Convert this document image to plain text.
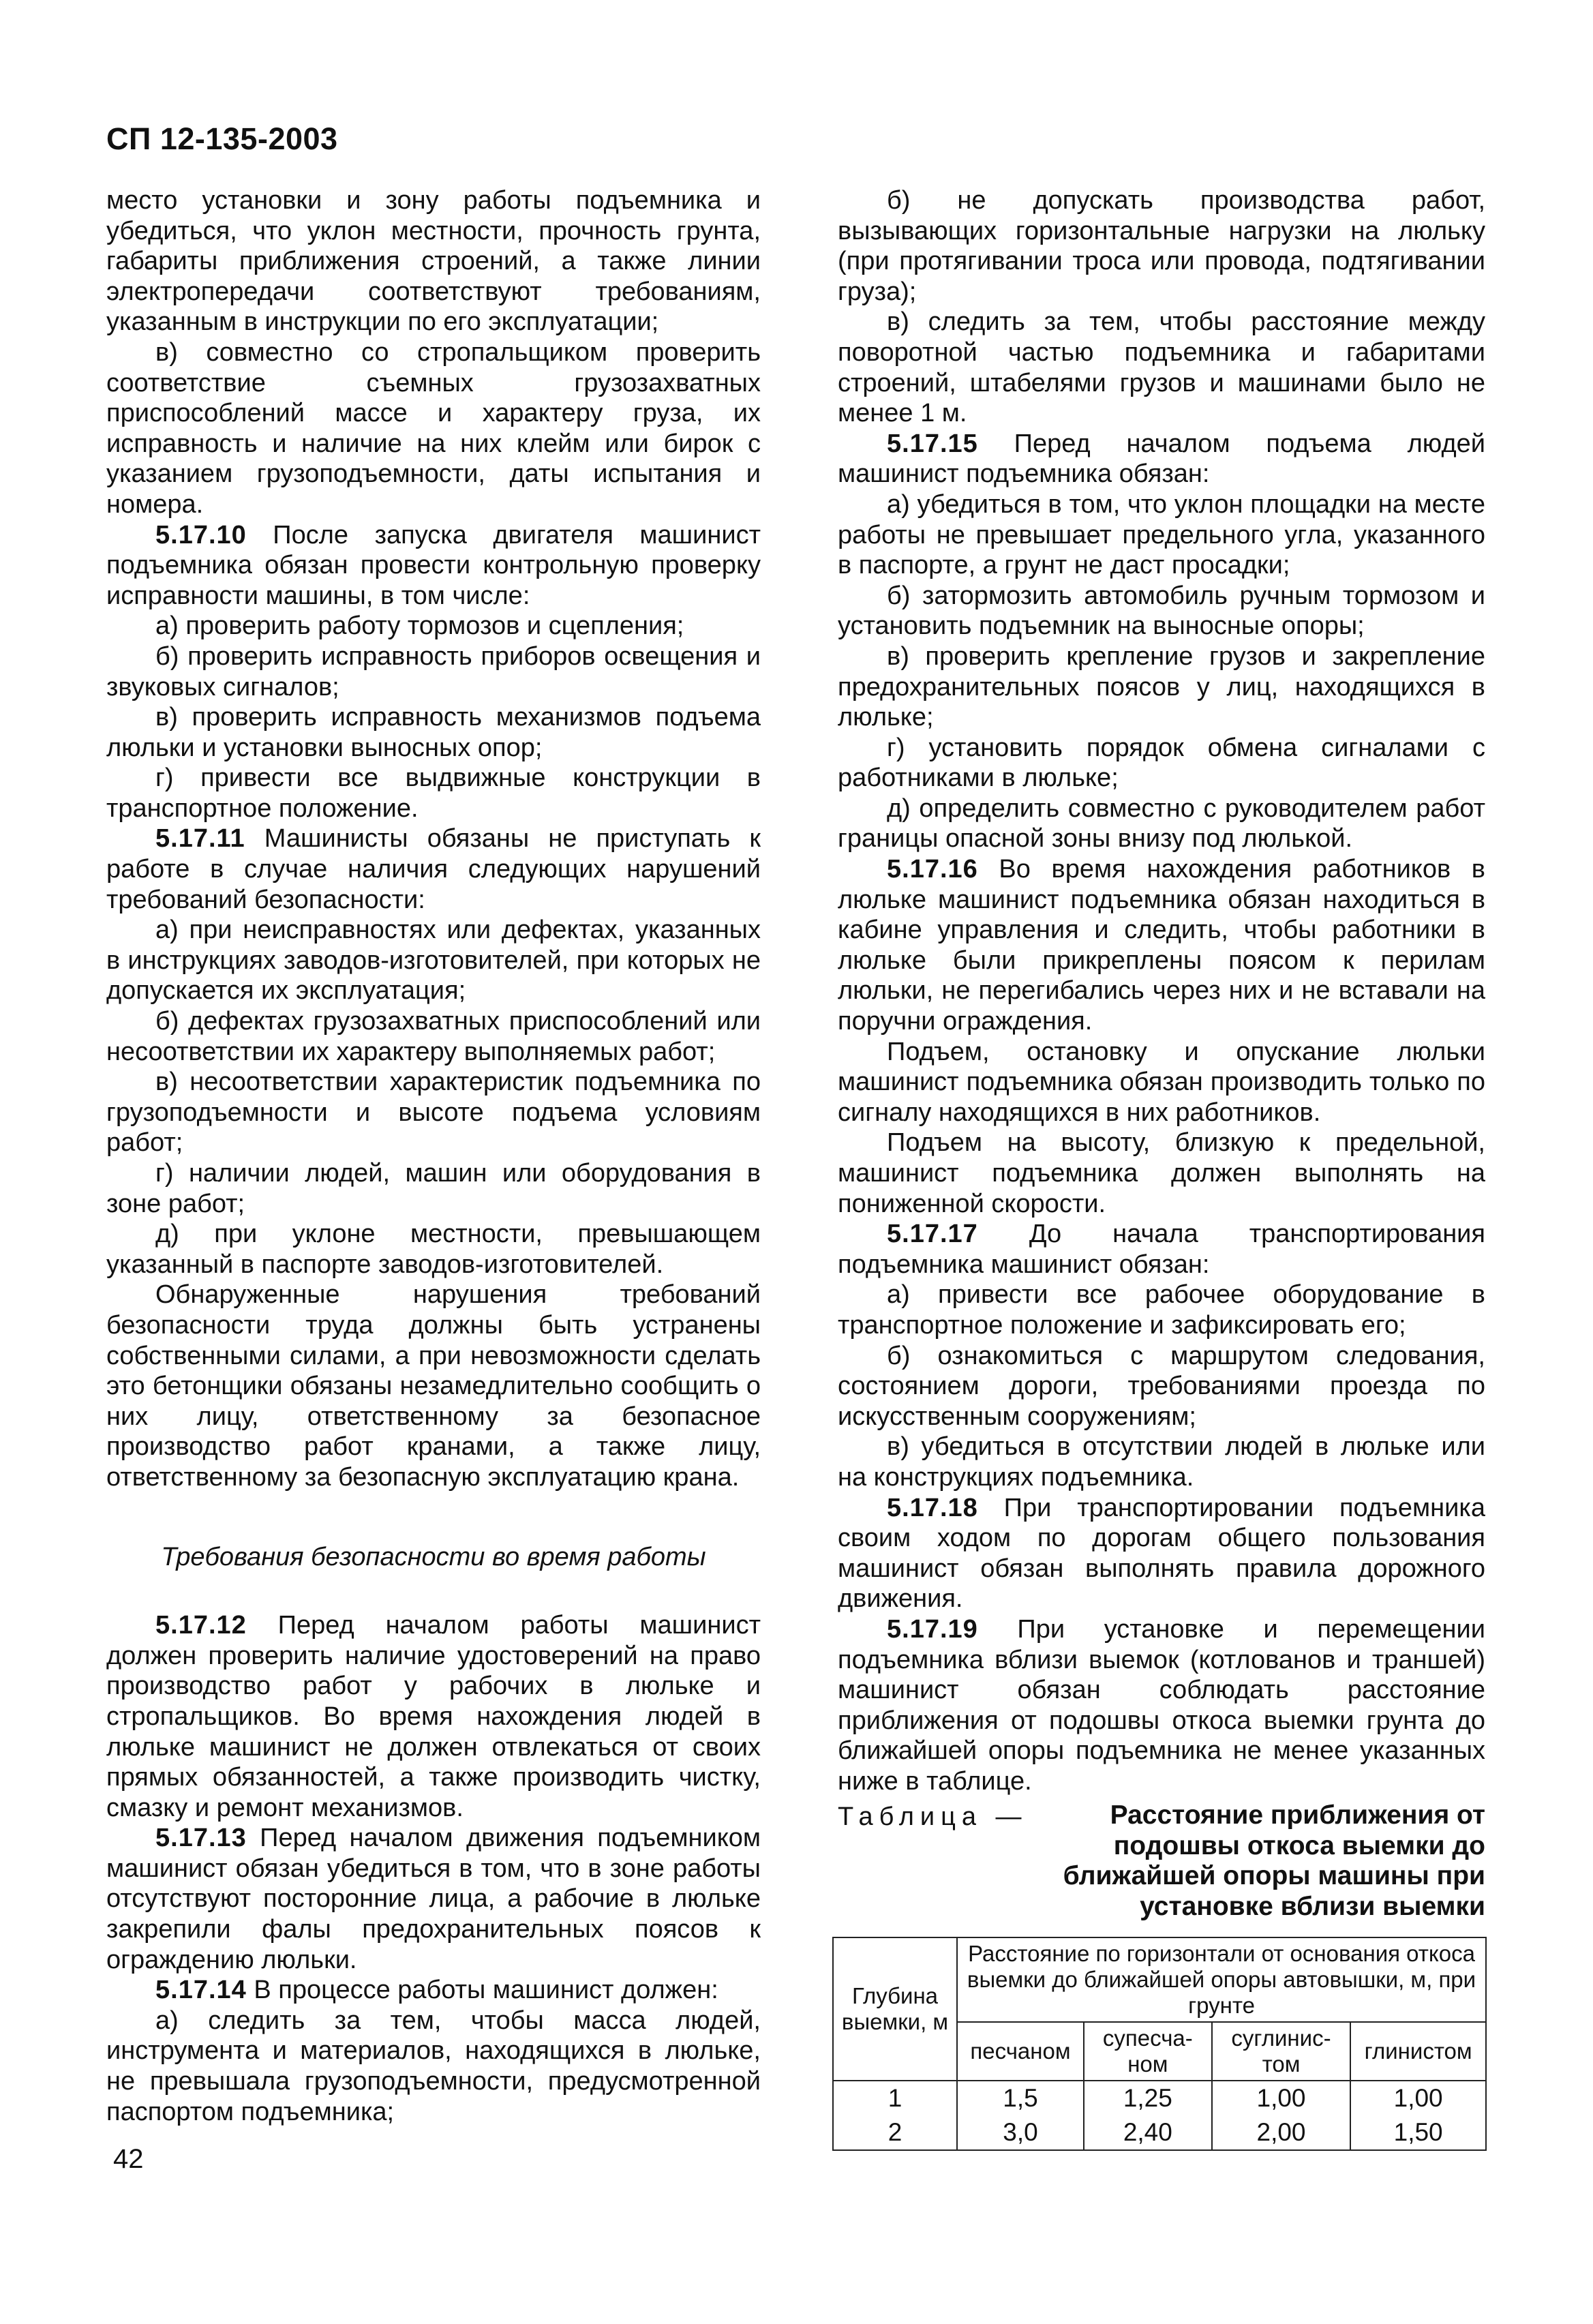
СП 12-135-2003

место установки и зону работы подъемника и убедиться, что уклон местности, прочность грунта, габариты приближения строений, а также линии электропередачи соответствуют требованиям, указанным в инструкции по его эксплуатации;

в) совместно со стропальщиком проверить соответствие съемных грузозахватных приспособлений массе и характеру груза, их исправность и наличие на них клейм или бирок с указанием грузоподъемности, даты испытания и номера.

5.17.10 После запуска двигателя машинист подъемника обязан провести контрольную проверку исправности машины, в том числе:

а) проверить работу тормозов и сцепления;

б) проверить исправность приборов освещения и звуковых сигналов;

в) проверить исправность механизмов подъема люльки и установки выносных опор;

г) привести все выдвижные конструкции в транспортное положение.

5.17.11 Машинисты обязаны не приступать к работе в случае наличия следующих нарушений требований безопасности:

а) при неисправностях или дефектах, указанных в инструкциях заводов-изготовителей, при которых не допускается их эксплуатация;

б) дефектах грузозахватных приспособлений или несоответствии их характеру выполняемых работ;

в) несоответствии характеристик подъемника по грузоподъемности и высоте подъема условиям работ;

г) наличии людей, машин или оборудования в зоне работ;

д) при уклоне местности, превышающем указанный в паспорте заводов-изготовителей.

Обнаруженные нарушения требований безопасности труда должны быть устранены собственными силами, а при невозможности сделать это бетонщики обязаны незамедлительно сообщить о них лицу, ответственному за безопасное производство работ кранами, а также лицу, ответственному за безопасную эксплуатацию крана.

Требования безопасности во время работы

5.17.12 Перед началом работы машинист должен проверить наличие удостоверений на право производство работ у рабочих в люльке и стропальщиков. Во время нахождения людей в люльке машинист не должен отвлекаться от своих прямых обязанностей, а также производить чистку, смазку и ремонт механизмов.

5.17.13 Перед началом движения подъемником машинист обязан убедиться в том, что в зоне работы отсутствуют посторонние лица, а рабочие в люльке закрепили фалы предохранительных поясов к ограждению люльки.

5.17.14 В процессе работы машинист должен:

а) следить за тем, чтобы масса людей, инструмента и материалов, находящихся в люльке, не превышала грузоподъемности, предусмотренной паспортом подъемника;

б) не допускать производства работ, вызывающих горизонтальные нагрузки на люльку (при протягивании троса или провода, подтягивании груза);

в) следить за тем, чтобы расстояние между поворотной частью подъемника и габаритами строений, штабелями грузов и машинами было не менее 1 м.

5.17.15 Перед началом подъема людей машинист подъемника обязан:

а) убедиться в том, что уклон площадки на месте работы не превышает предельного угла, указанного в паспорте, а грунт не даст просадки;

б) затормозить автомобиль ручным тормозом и установить подъемник на выносные опоры;

в) проверить крепление грузов и закрепление предохранительных поясов у лиц, находящихся в люльке;

г) установить порядок обмена сигналами с работниками в люльке;

д) определить совместно с руководителем работ границы опасной зоны внизу под люлькой.

5.17.16 Во время нахождения работников в люльке машинист подъемника обязан находиться в кабине управления и следить, чтобы работники в люльке были прикреплены поясом к перилам люльки, не перегибались через них и не вставали на поручни ограждения.

Подъем, остановку и опускание люльки машинист подъемника обязан производить только по сигналу находящихся в них работников.

Подъем на высоту, близкую к предельной, машинист подъемника должен выполнять на пониженной скорости.

5.17.17 До начала транспортирования подъемника машинист обязан:

а) привести все рабочее оборудование в транспортное положение и зафиксировать его;

б) ознакомиться с маршрутом следования, состоянием дороги, требованиями проезда по искусственным сооружениям;

в) убедиться в отсутствии людей в люльке или на конструкциях подъемника.

5.17.18 При транспортировании подъемника своим ходом по дорогам общего пользования машинист обязан выполнять правила дорожного движения.

5.17.19 При установке и перемещении подъемника вблизи выемок (котлованов и траншей) машинист обязан соблюдать расстояние приближения от подошвы откоса выемки грунта до ближайшей опоры подъемника не менее указанных ниже в таблице.

Таблица —	Расстояние приближения от подошвы откоса выемки до ближайшей опоры машины при установке вблизи выемки
Глубина выемки, м	Расстояние по горизонтали от основания откоса выемки до ближайшей опоры автовышки, м, при грунте			
	песчаном	супесча-ном	суглинис-том	глинистом
1	1,5	1,25	1,00	1,00
2	3,0	2,40	2,00	1,50
42
